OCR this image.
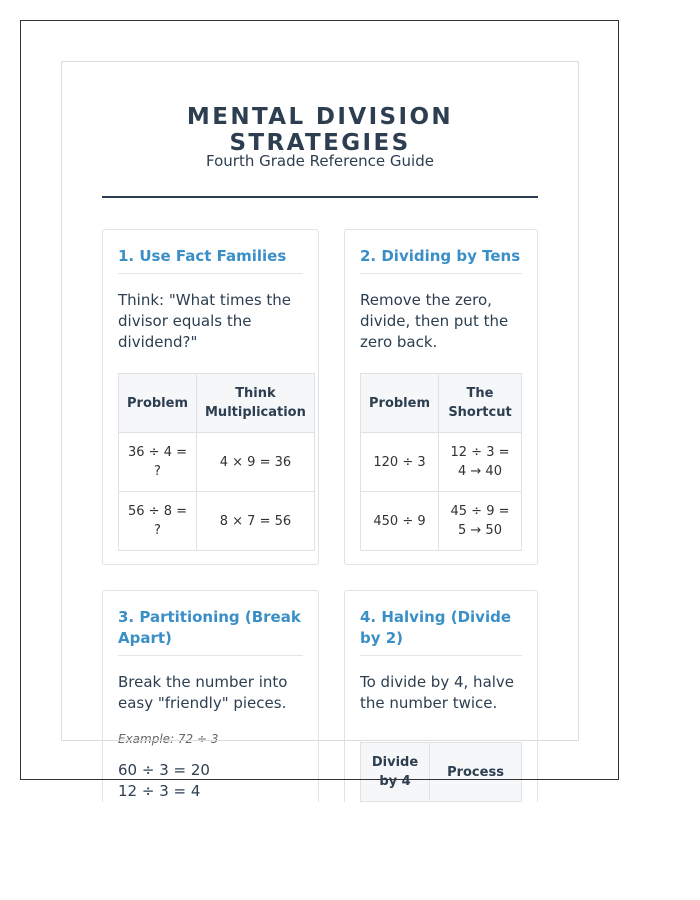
MENTAL DIVISION STRATEGIES

Fourth Grade Reference Guide

1. Use Fact Families

Think: "What times the divisor equals the dividend?"

Problem	Think Multiplication
36 ÷ 4 = ?	4 × 9 = 36
56 ÷ 8 = ?	8 × 7 = 56
2. Dividing by Tens

Remove the zero, divide, then put the zero back.

Problem	The Shortcut
120 ÷ 3	12 ÷ 3 = 4 → 40
450 ÷ 9	45 ÷ 9 = 5 → 50
3. Partitioning (Break Apart)

Break the number into easy "friendly" pieces.

Example: 72 ÷ 3

60 ÷ 3 = 20

12 ÷ 3 = 4

4. Halving (Divide by 2)

To divide by 4, halve the number twice.

Divide by 4	Process
